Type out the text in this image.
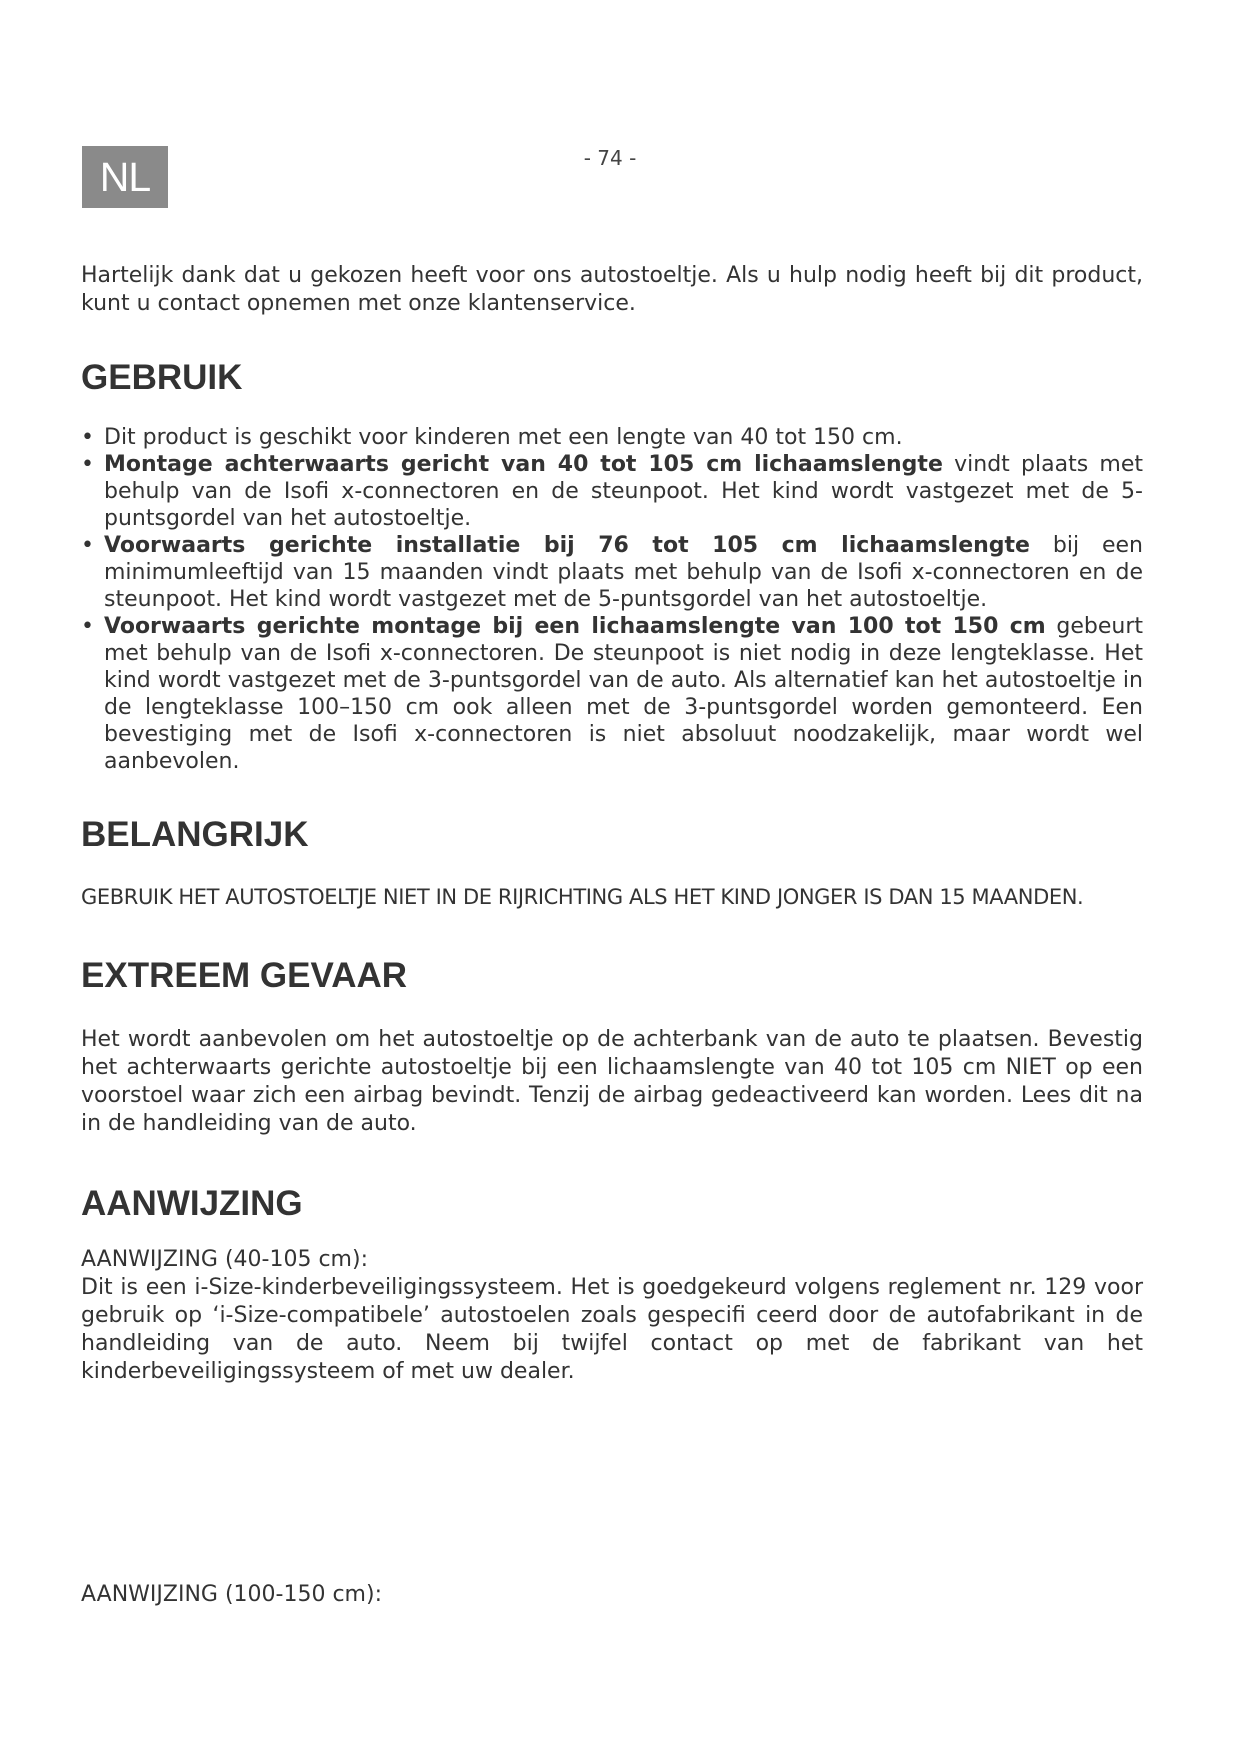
NL	- 74 -

Hartelijk dank dat u gekozen heeft voor ons autostoeltje. Als u hulp nodig heeft bij dit product, kunt u contact opnemen met onze klantenservice.

GEBRUIK
• Dit product is geschikt voor kinderen met een lengte van 40 tot 150 cm.
• Montage achterwaarts gericht van 40 tot 105 cm lichaamslengte vindt plaats met behulp van de Isofi x-connectoren en de steunpoot. Het kind wordt vastgezet met de 5-puntsgordel van het autostoeltje.
• Voorwaarts gerichte installatie bij 76 tot 105 cm lichaamslengte bij een minimumleeftijd van 15 maanden vindt plaats met behulp van de Isofi x-connectoren en de steunpoot. Het kind wordt vastgezet met de 5-puntsgordel van het autostoeltje.
• Voorwaarts gerichte montage bij een lichaamslengte van 100 tot 150 cm gebeurt met behulp van de Isofi x-connectoren. De steunpoot is niet nodig in deze lengteklasse. Het kind wordt vastgezet met de 3-puntsgordel van de auto. Als alternatief kan het autostoeltje in de lengteklasse 100–150 cm ook alleen met de 3-puntsgordel worden gemonteerd. Een bevestiging met de Isofi x-connectoren is niet absoluut noodzakelijk, maar wordt wel aanbevolen.
BELANGRIJK

GEBRUIK HET AUTOSTOELTJE NIET IN DE RIJRICHTING ALS HET KIND JONGER IS DAN 15 MAANDEN.

EXTREEM GEVAAR

Het wordt aanbevolen om het autostoeltje op de achterbank van de auto te plaatsen. Bevestig het achterwaarts gerichte autostoeltje bij een lichaamslengte van 40 tot 105 cm NIET op een voorstoel waar zich een airbag bevindt. Tenzij de airbag gedeactiveerd kan worden. Lees dit na in de handleiding van de auto.

AANWIJZING

AANWIJZING (40-105 cm):

Dit is een i-Size-kinderbeveiligingssysteem. Het is goedgekeurd volgens reglement nr. 129 voor gebruik op ‘i-Size-compatibele’ autostoelen zoals gespecifi ceerd door de autofabrikant in de handleiding van de auto. Neem bij twijfel contact op met de fabrikant van het kinderbeveiligingssysteem of met uw dealer.

AANWIJZING (100-150 cm):
